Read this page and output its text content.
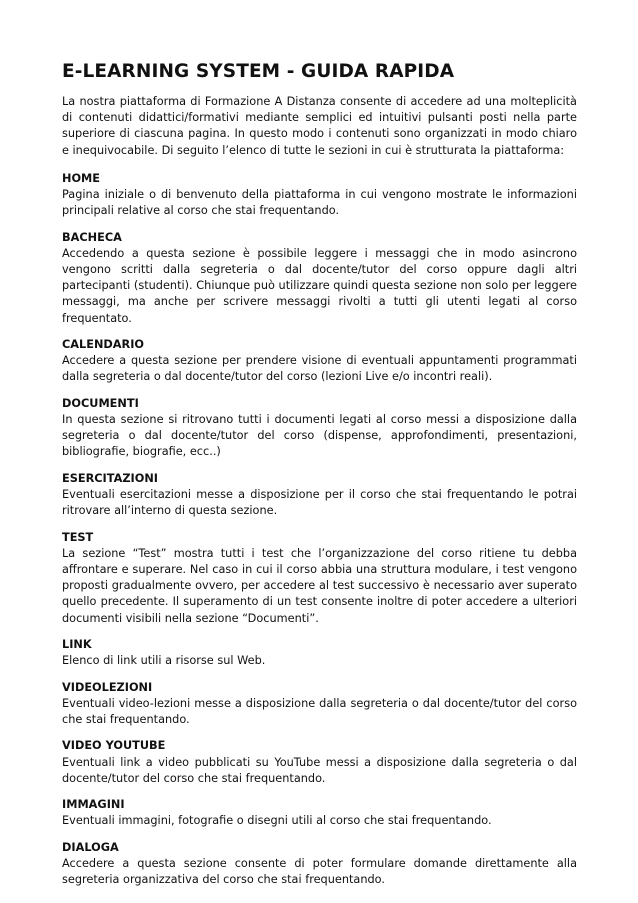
E-LEARNING SYSTEM - GUIDA RAPIDA

La nostra piattaforma di Formazione A Distanza consente di accedere ad una molteplicità di contenuti didattici/formativi mediante semplici ed intuitivi pulsanti posti nella parte superiore di ciascuna pagina. In questo modo i contenuti sono organizzati in modo chiaro e inequivocabile. Di seguito l’elenco di tutte le sezioni in cui è strutturata la piattaforma:

HOME

Pagina iniziale o di benvenuto della piattaforma in cui vengono mostrate le informazioni principali relative al corso che stai frequentando.

BACHECA

Accedendo a questa sezione è possibile leggere i messaggi che in modo asincrono vengono scritti dalla segreteria o dal docente/tutor del corso oppure dagli altri partecipanti (studenti). Chiunque può utilizzare quindi questa sezione non solo per leggere messaggi, ma anche per scrivere messaggi rivolti a tutti gli utenti legati al corso frequentato.

CALENDARIO

Accedere a questa sezione per prendere visione di eventuali appuntamenti programmati dalla segreteria o dal docente/tutor del corso (lezioni Live e/o incontri reali).

DOCUMENTI

In questa sezione si ritrovano tutti i documenti legati al corso messi a disposizione dalla segreteria o dal docente/tutor del corso (dispense, approfondimenti, presentazioni, bibliografie, biografie, ecc..)

ESERCITAZIONI

Eventuali esercitazioni messe a disposizione per il corso che stai frequentando le potrai ritrovare all’interno di questa sezione.

TEST

La sezione “Test” mostra tutti i test che l’organizzazione del corso ritiene tu debba affrontare e superare. Nel caso in cui il corso abbia una struttura modulare, i test vengono proposti gradualmente ovvero, per accedere al test successivo è necessario aver superato quello precedente. Il superamento di un test consente inoltre di poter accedere a ulteriori documenti visibili nella sezione “Documenti”.

LINK

Elenco di link utili a risorse sul Web.

VIDEOLEZIONI

Eventuali video-lezioni messe a disposizione dalla segreteria o dal docente/tutor del corso che stai frequentando.

VIDEO YOUTUBE

Eventuali link a video pubblicati su YouTube messi a disposizione dalla segreteria o dal docente/tutor del corso che stai frequentando.

IMMAGINI

Eventuali immagini, fotografie o disegni utili al corso che stai frequentando.

DIALOGA

Accedere a questa sezione consente di poter formulare domande direttamente alla segreteria organizzativa del corso che stai frequentando.
